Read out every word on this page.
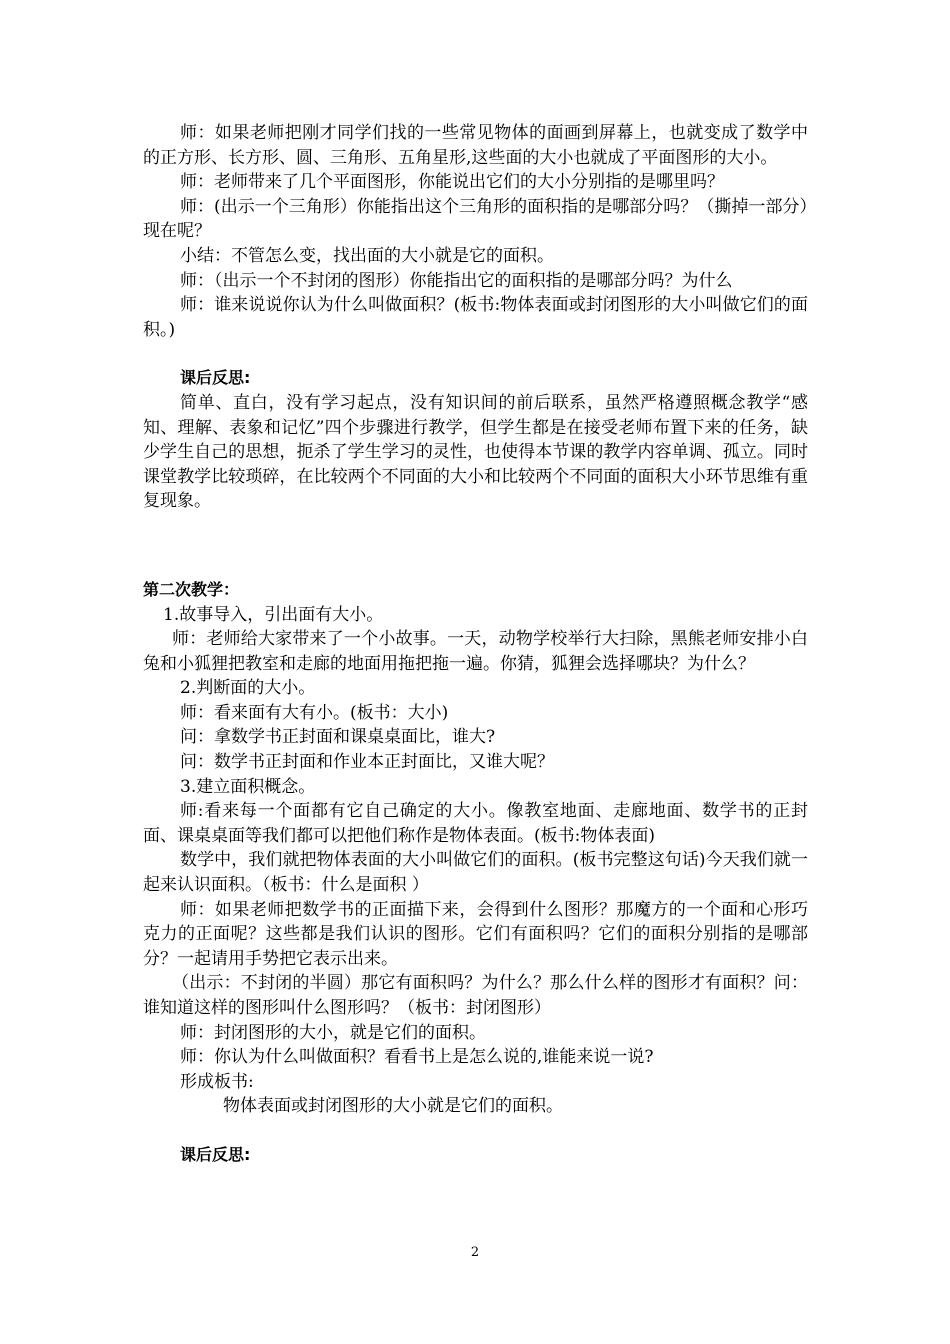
师：如果老师把刚才同学们找的一些常见物体的面画到屏幕上，也就变成了数学中的正方形、长方形、圆、三角形、五角星形,这些面的大小也就成了平面图形的大小。

师：老师带来了几个平面图形，你能说出它们的大小分别指的是哪里吗？

师：(出示一个三角形）你能指出这个三角形的面积指的是哪部分吗？（撕掉一部分）现在呢？

小结：不管怎么变，找出面的大小就是它的面积。

师：（出示一个不封闭的图形）你能指出它的面积指的是哪部分吗？为什么

师：谁来说说你认为什么叫做面积？(板书:物体表面或封闭图形的大小叫做它们的面积。)

课后反思:

简单、直白，没有学习起点，没有知识间的前后联系，虽然严格遵照概念教学“感知、理解、表象和记忆”四个步骤进行教学，但学生都是在接受老师布置下来的任务，缺少学生自己的思想，扼杀了学生学习的灵性，也使得本节课的教学内容单调、孤立。同时课堂教学比较琐碎，在比较两个不同面的大小和比较两个不同面的面积大小环节思维有重复现象。

第二次教学：

1.故事导入，引出面有大小。

师：老师给大家带来了一个小故事。一天，动物学校举行大扫除，黑熊老师安排小白兔和小狐狸把教室和走廊的地面用拖把拖一遍。你猜，狐狸会选择哪块？为什么？

2.判断面的大小。

师：看来面有大有小。(板书：大小)

问：拿数学书正封面和课桌桌面比，谁大?

问：数学书正封面和作业本正封面比，又谁大呢？

3.建立面积概念。

师:看来每一个面都有它自己确定的大小。像教室地面、走廊地面、数学书的正封面、课桌桌面等我们都可以把他们称作是物体表面。(板书:物体表面)

数学中，我们就把物体表面的大小叫做它们的面积。(板书完整这句话)今天我们就一起来认识面积。（板书：什么是面积 ）

师：如果老师把数学书的正面描下来，会得到什么图形？那魔方的一个面和心形巧克力的正面呢？这些都是我们认识的图形。它们有面积吗？它们的面积分别指的是哪部分？一起请用手势把它表示出来。

（出示：不封闭的半圆）那它有面积吗？为什么？那么什么样的图形才有面积？问：谁知道这样的图形叫什么图形吗？（板书：封闭图形）

师：封闭图形的大小，就是它们的面积。

师：你认为什么叫做面积？看看书上是怎么说的,谁能来说一说?

形成板书:

物体表面或封闭图形的大小就是它们的面积。

课后反思:

2
